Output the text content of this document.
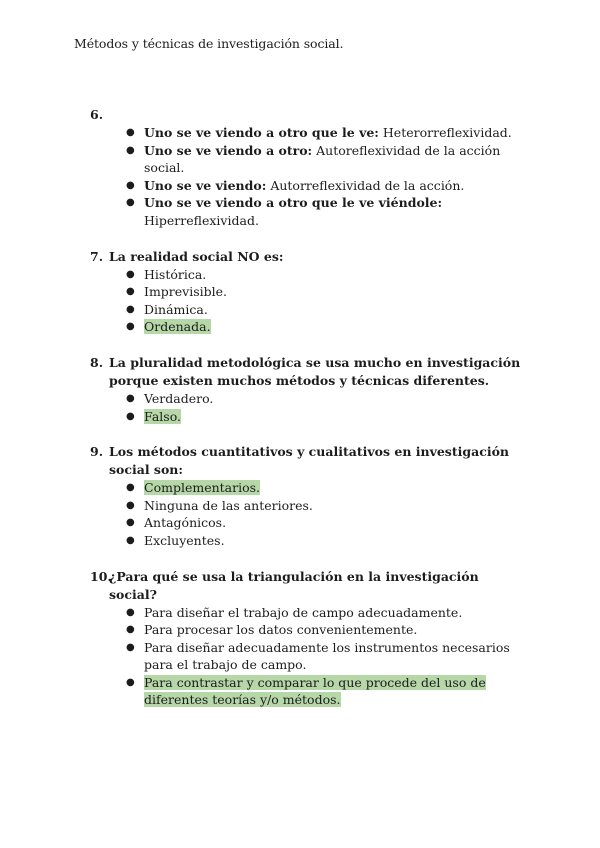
Métodos y técnicas de investigación social.
6.
● Uno se ve viendo a otro que le ve: Heterorreflexividad.
● Uno se ve viendo a otro: Autoreflexividad de la acción social.
● Uno se ve viendo: Autorreflexividad de la acción.
● Uno se ve viendo a otro que le ve viéndole: Hiperreflexividad.
7. La realidad social NO es:
● Histórica.
● Imprevisible.
● Dinámica.
● Ordenada.
8. La pluralidad metodológica se usa mucho en investigación porque existen muchos métodos y técnicas diferentes.
● Verdadero.
● Falso.
9. Los métodos cuantitativos y cualitativos en investigación social son:
● Complementarios.
● Ninguna de las anteriores.
● Antagónicos.
● Excluyentes.
10.
¿Para qué se usa la triangulación en la investigación social?
● Para diseñar el trabajo de campo adecuadamente.
● Para procesar los datos convenientemente.
● Para diseñar adecuadamente los instrumentos necesarios para el trabajo de campo.
● Para contrastar y comparar lo que procede del uso de diferentes teorías y/o métodos.
